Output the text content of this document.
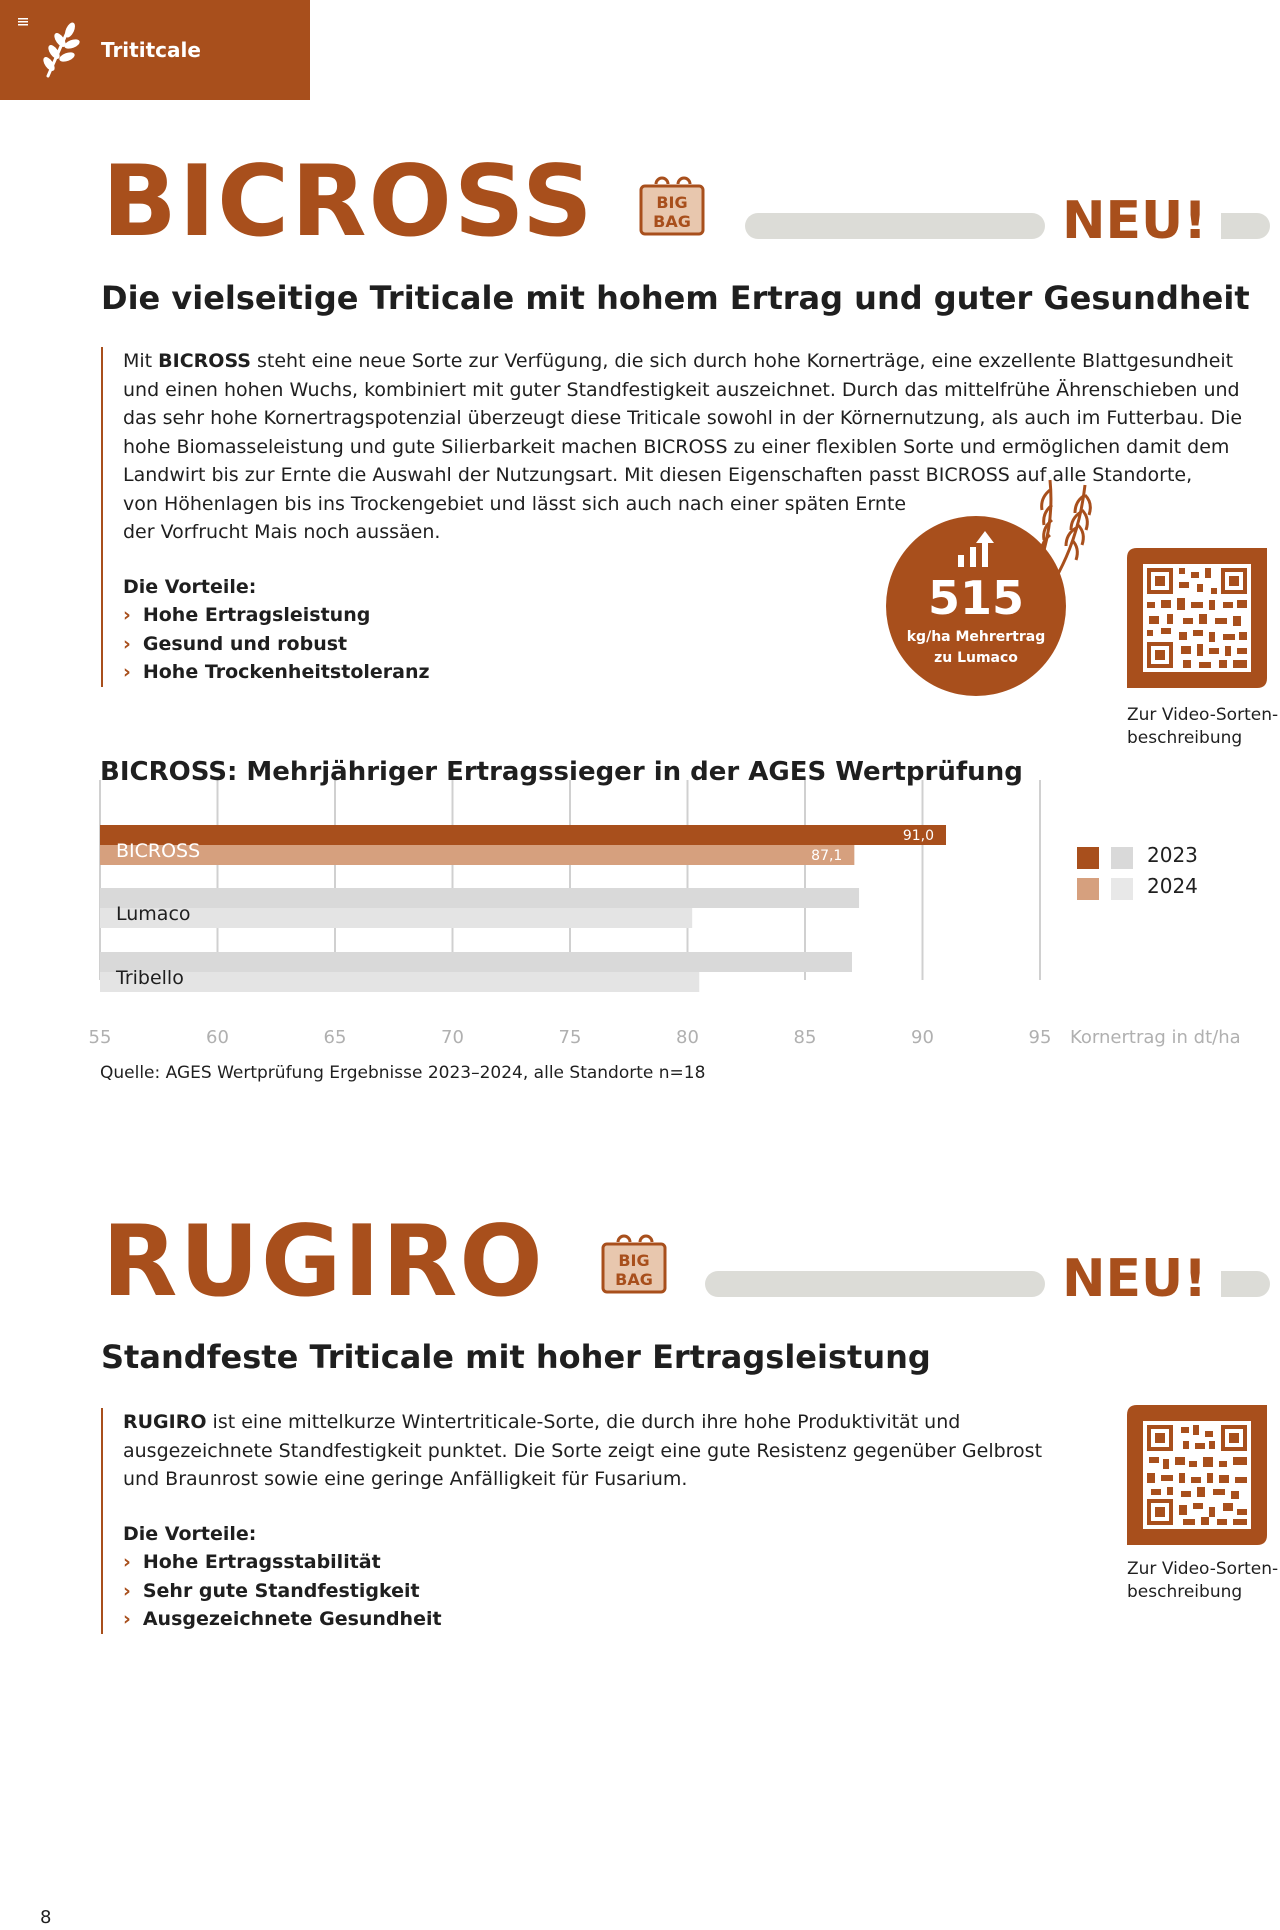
Trititcale
BICROSS	BIG
BAG	NEU!
Die vielseitige Triticale mit hohem Ertrag und guter Gesundheit

Mit BICROSS steht eine neue Sorte zur Verfügung, die sich durch hohe Kornerträge, eine exzellente Blattgesundheit und einen hohen Wuchs, kombiniert mit guter Standfestigkeit auszeichnet. Durch das mittelfrühe Ährenschieben und das sehr hohe Kornertragspotenzial überzeugt diese Triticale sowohl in der Körnernutzung, als auch im Futterbau. Die hohe Biomasseleistung und gute Silierbarkeit machen BICROSS zu einer flexiblen Sorte und ermöglichen damit dem Landwirt bis zur Ernte die Auswahl der Nutzungsart. Mit diesen Eigenschaften passt BICROSS auf alle Standorte,

von Höhenlagen bis ins Trockengebiet und lässt sich auch nach einer späten Ernte

der Vorfrucht Mais noch aussäen.

Die Vorteile:

› Hohe Ertragsleistung
› Gesund und robust
› Hohe Trockenheitstoleranz
515
kg/ha Mehrertrag
zu Lumaco
Zur Video-Sorten-
beschreibung
BICROSS
91,0
87,1
Lumaco
Tribello
55	60	65	70	75	80	85	90	95 Kornertrag in dt/ha
BICROSS: Mehrjähriger Ertragssieger in der AGES Wertprüfung
2023
2024
Quelle: AGES Wertprüfung Ergebnisse 2023–2024, alle Standorte n=18
RUGIRO	BIG
BAG	NEU!
Standfeste Triticale mit hoher Ertragsleistung

RUGIRO ist eine mittelkurze Wintertriticale-Sorte, die durch ihre hohe Produktivität und ausgezeichnete Standfestigkeit punktet. Die Sorte zeigt eine gute Resistenz gegenüber Gelbrost und Braunrost sowie eine geringe Anfälligkeit für Fusarium.

Die Vorteile:

› Hohe Ertragsstabilität
› Sehr gute Standfestigkeit
› Ausgezeichnete Gesundheit
Zur Video-Sorten-
beschreibung
8
